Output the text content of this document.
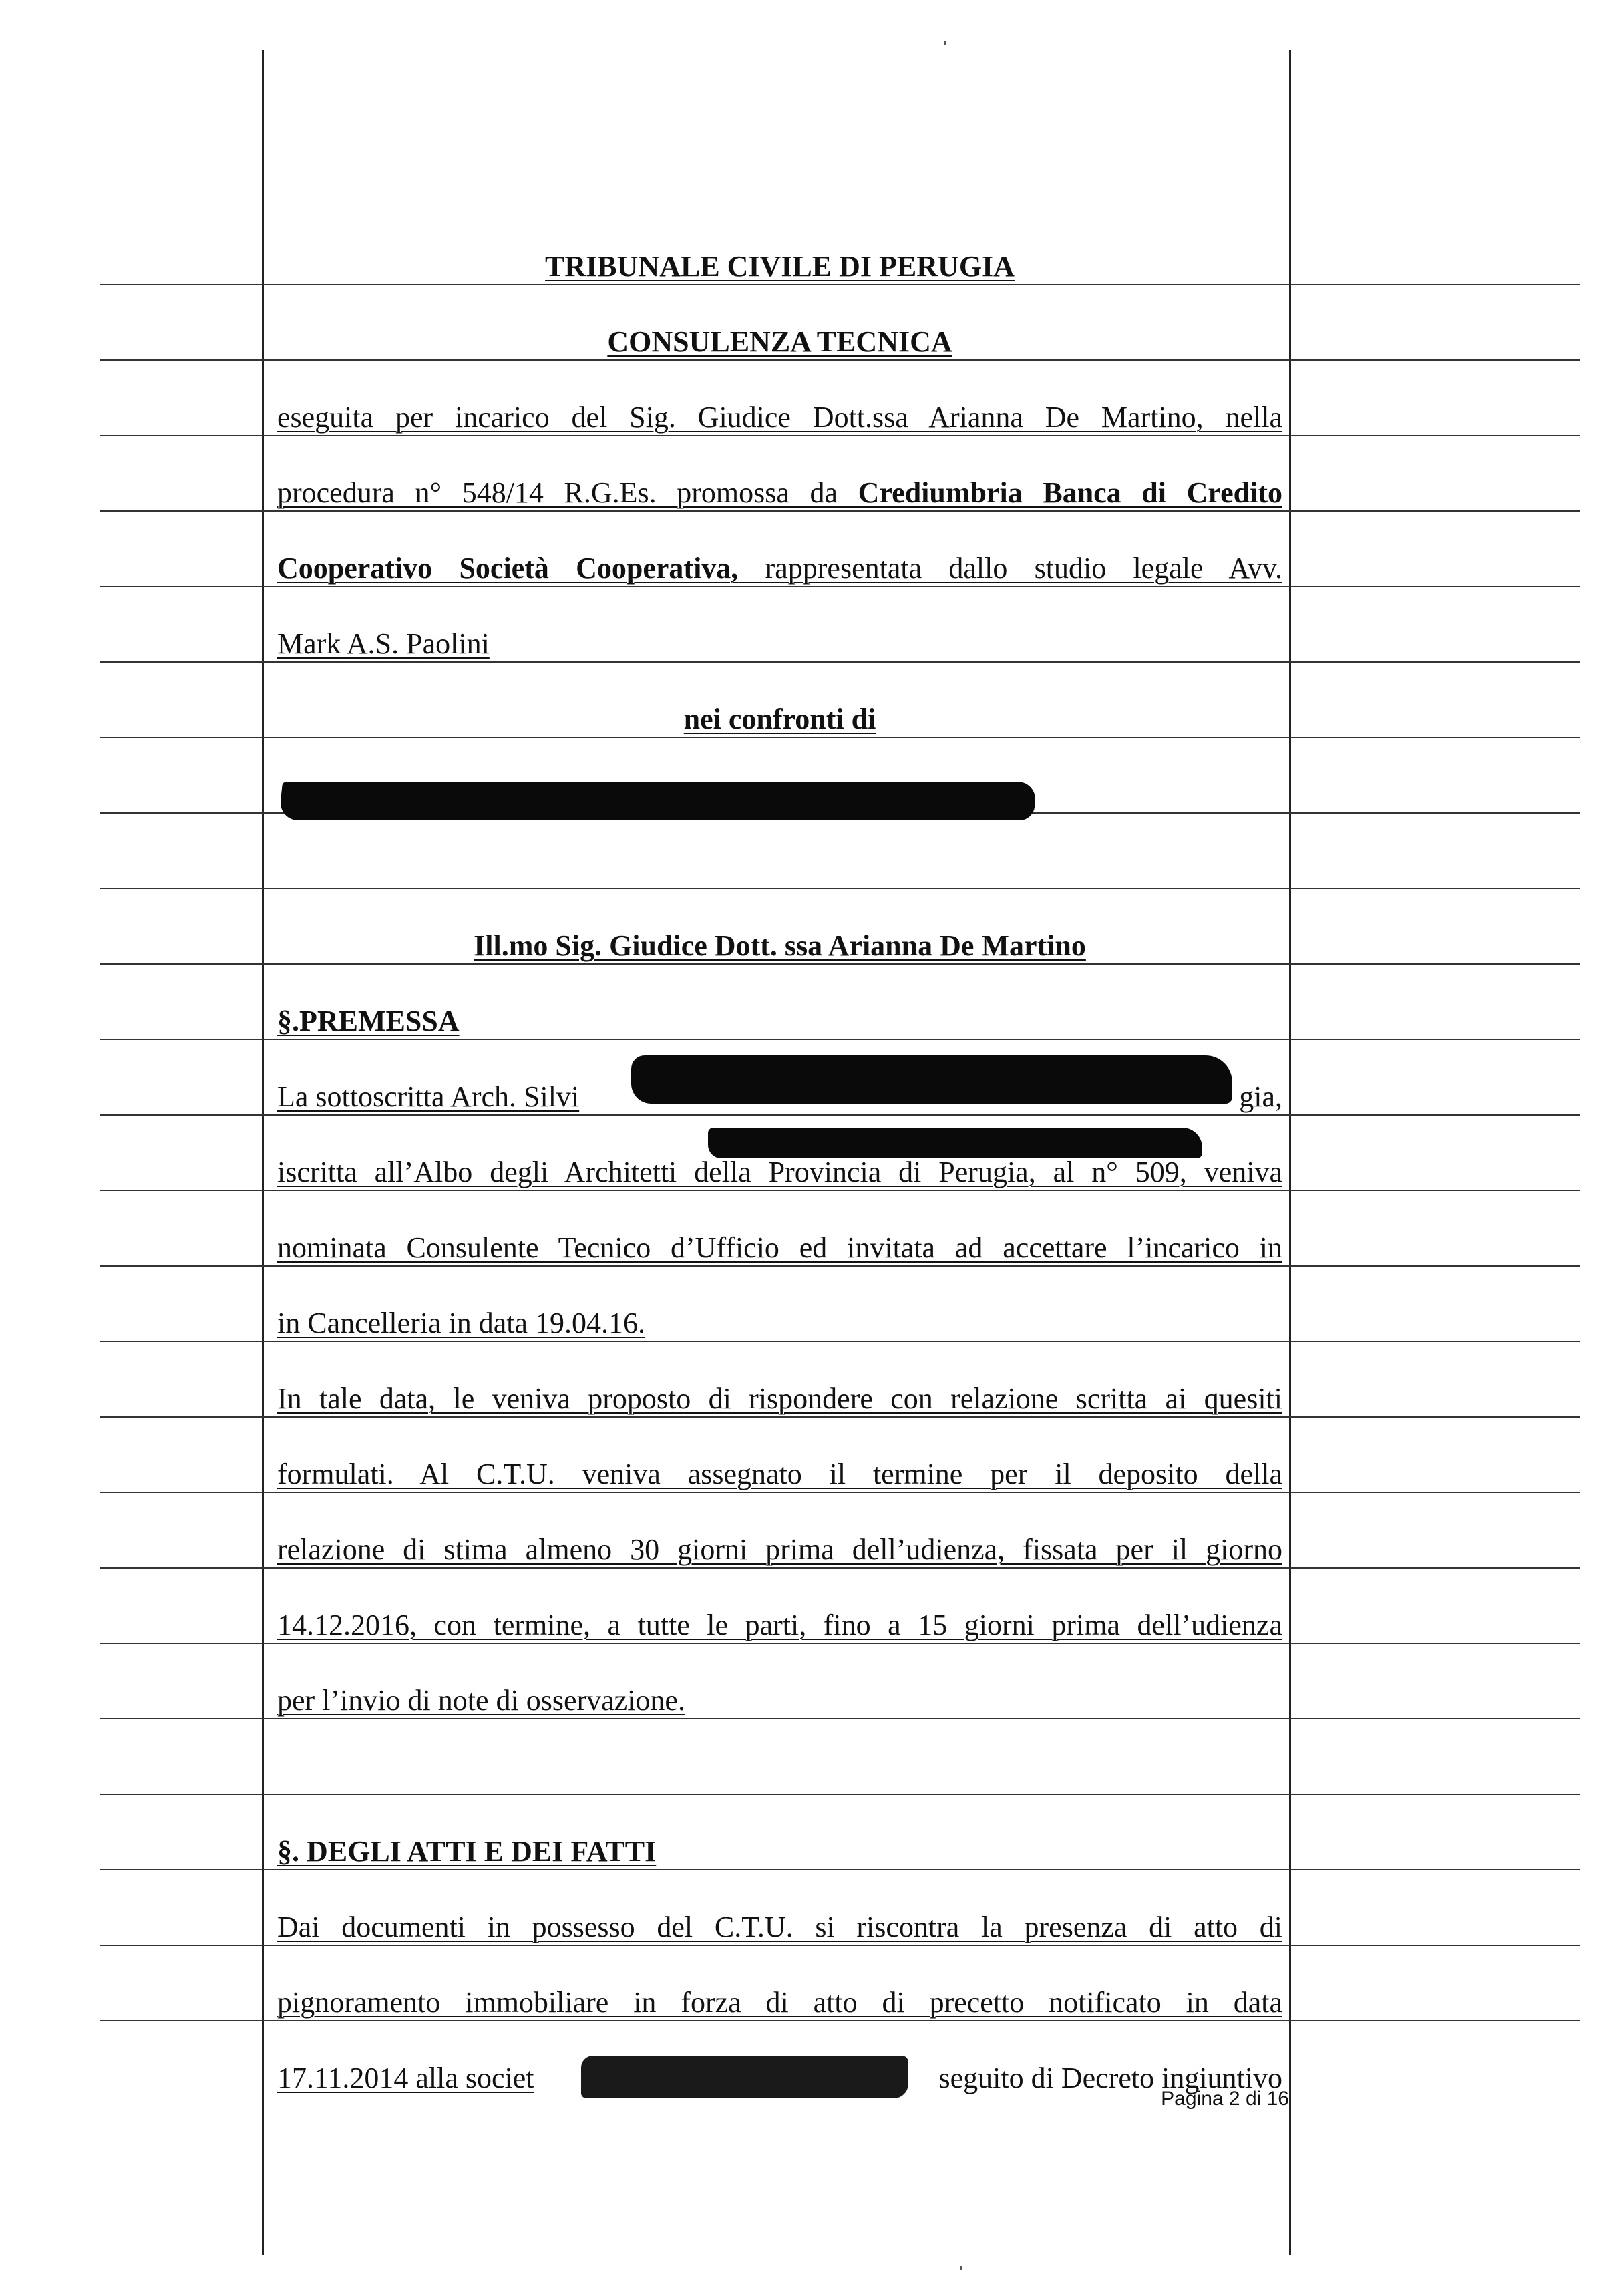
TRIBUNALE CIVILE DI PERUGIA
CONSULENZA TECNICA
eseguita per incarico del Sig. Giudice Dott.ssa Arianna De Martino, nella
procedura n° 548/14 R.G.Es. promossa da Crediumbria Banca di Credito
Cooperativo Società Cooperativa, rappresentata dallo studio legale Avv.
Mark A.S. Paolini
nei confronti di
Ill.mo Sig. Giudice Dott. ssa Arianna De Martino
§.PREMESSA
La sottoscritta Arch. Silvi	gia,
iscritta all’Albo degli Architetti della Provincia di Perugia, al n° 509, veniva
nominata Consulente Tecnico d’Ufficio ed invitata ad accettare l’incarico in
in Cancelleria in data 19.04.16.
In tale data, le veniva proposto di rispondere con relazione scritta ai quesiti
formulati. Al C.T.U. veniva assegnato il termine per il deposito della
relazione di stima almeno 30 giorni prima dell’udienza, fissata per il giorno
14.12.2016, con termine, a tutte le parti, fino a 15 giorni prima dell’udienza
per l’invio di note di osservazione.
§. DEGLI ATTI E DEI FATTI
Dai documenti in possesso del C.T.U. si riscontra la presenza di atto di
pignoramento immobiliare in forza di atto di precetto notificato in data
17.11.2014 alla societ	seguito di Decreto ingiuntivo
Pagina 2 di 16
